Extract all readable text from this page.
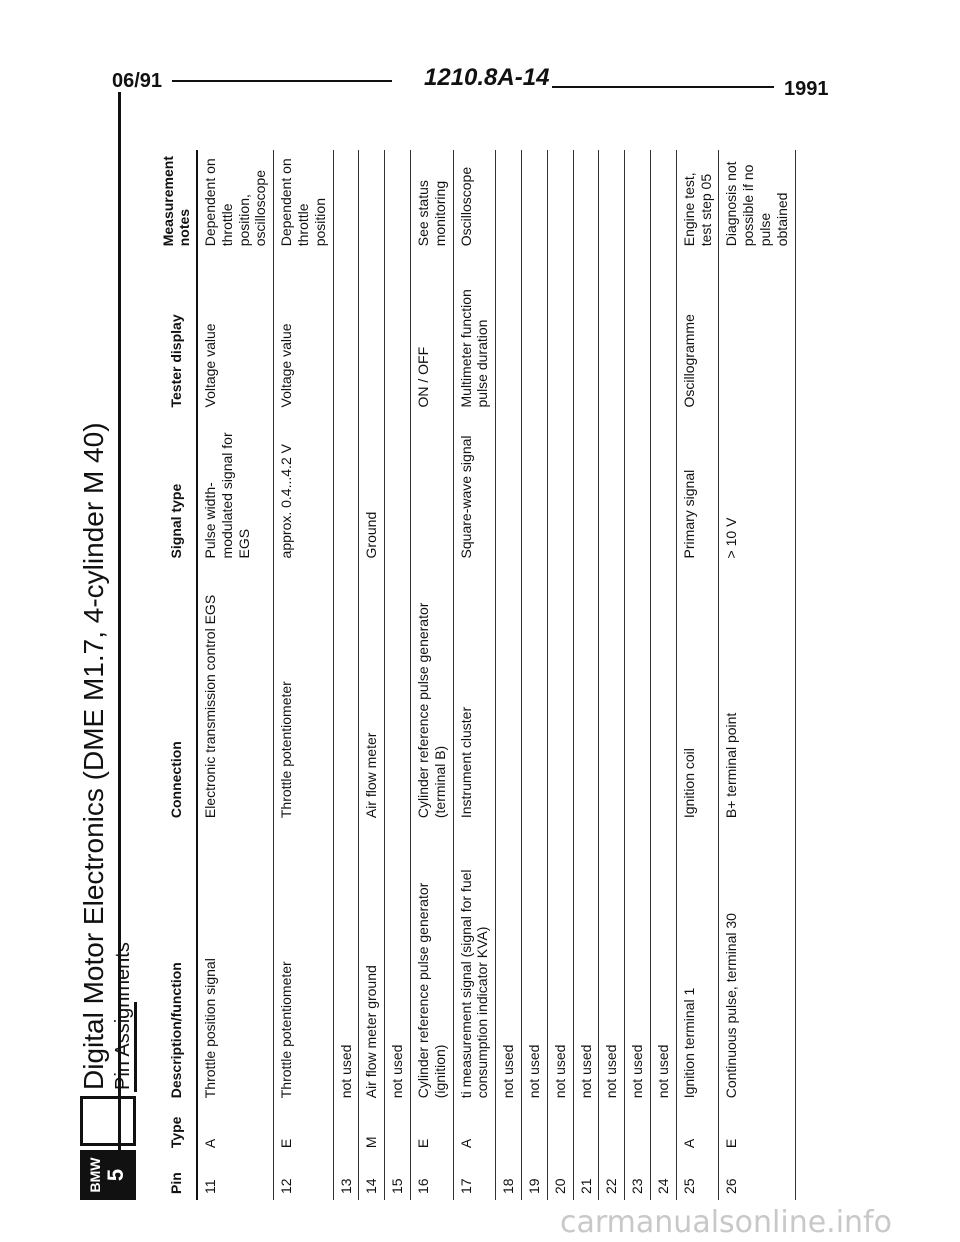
06/91	1210.8A-14	1991
BMW 5
Digital Motor Electronics (DME M1.7, 4-cylinder M 40) Pin Assignments
Pin	Type	Description/function	Connection	Signal type	Tester display	Measurement notes
11	A	Throttle position signal	Electronic transmission control EGS	Pulse width-modulated signal for EGS	Voltage value	Dependent on throttle position, oscilloscope
12	E	Throttle potentiometer	Throttle potentiometer	approx. 0.4...4.2 V	Voltage value	Dependent on throttle position
13		not used				
14	M	Air flow meter ground	Air flow meter	Ground		
15		not used				
16	E	Cylinder reference pulse generator (ignition)	Cylinder reference pulse generator (terminal B)		ON / OFF	See status monitoring
17	A	ti measurement signal (signal for fuel consumption indicator KVA)	Instrument cluster	Square-wave signal	Multimeter function pulse duration	Oscilloscope
18		not used				
19		not used				
20		not used				
21		not used				
22		not used				
23		not used				
24		not used				
25	A	Ignition terminal 1	Ignition coil	Primary signal	Oscillogramme	Engine test, test step 05
26	E	Continuous pulse, terminal 30	B+ terminal point	> 10 V		Diagnosis not possible if no pulse obtained
carmanualsonline.info
